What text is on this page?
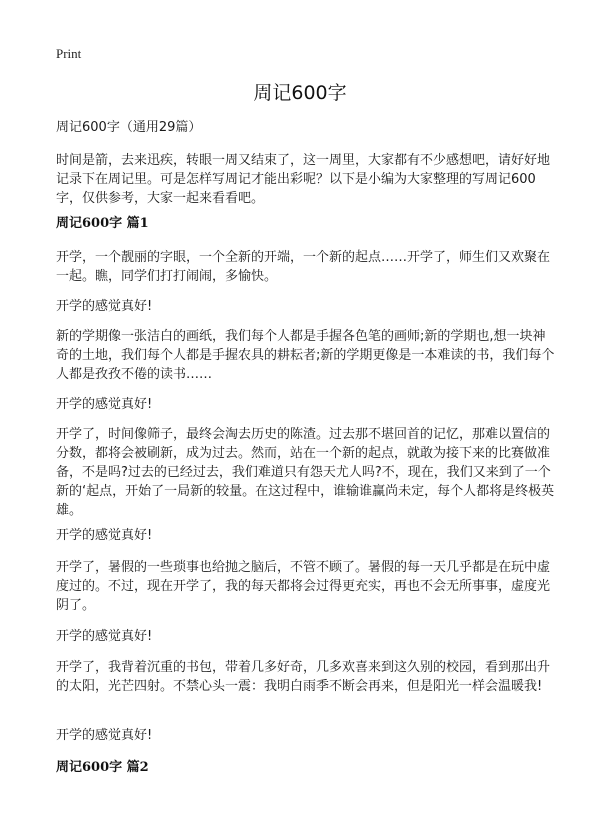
Print
周记600字

周记600字（通用29篇）

时间是箭，去来迅疾，转眼一周又结束了，这一周里，大家都有不少感想吧，请好好地记录下在周记里。可是怎样写周记才能出彩呢？以下是小编为大家整理的写周记600字，仅供参考，大家一起来看看吧。

周记600字 篇1

开学，一个靓丽的字眼，一个全新的开端，一个新的起点……开学了，师生们又欢聚在一起。瞧，同学们打打闹闹，多愉快。

开学的感觉真好!

新的学期像一张洁白的画纸，我们每个人都是手握各色笔的画师;新的学期也,想一块神奇的土地，我们每个人都是手握农具的耕耘者;新的学期更像是一本难读的书，我们每个人都是孜孜不倦的读书……

开学的感觉真好!

开学了，时间像筛子，最终会淘去历史的陈渣。过去那不堪回首的记忆，那难以置信的分数，都将会被刷新，成为过去。然而，站在一个新的起点，就敢为接下来的比赛做准备，不是吗?过去的已经过去，我们难道只有怨天尤人吗?不，现在，我们又来到了一个新的‘起点，开始了一局新的较量。在这过程中，谁输谁赢尚未定，每个人都将是终极英雄。

开学的感觉真好!

开学了，暑假的一些琐事也给抛之脑后，不管不顾了。暑假的每一天几乎都是在玩中虚度过的。不过，现在开学了，我的每天都将会过得更充实，再也不会无所事事，虚度光阴了。

开学的感觉真好!

开学了，我背着沉重的书包，带着几多好奇，几多欢喜来到这久别的校园，看到那出升的太阳，光芒四射。不禁心头一震：我明白雨季不断会再来，但是阳光一样会温暖我!

开学的感觉真好!

周记600字 篇2
